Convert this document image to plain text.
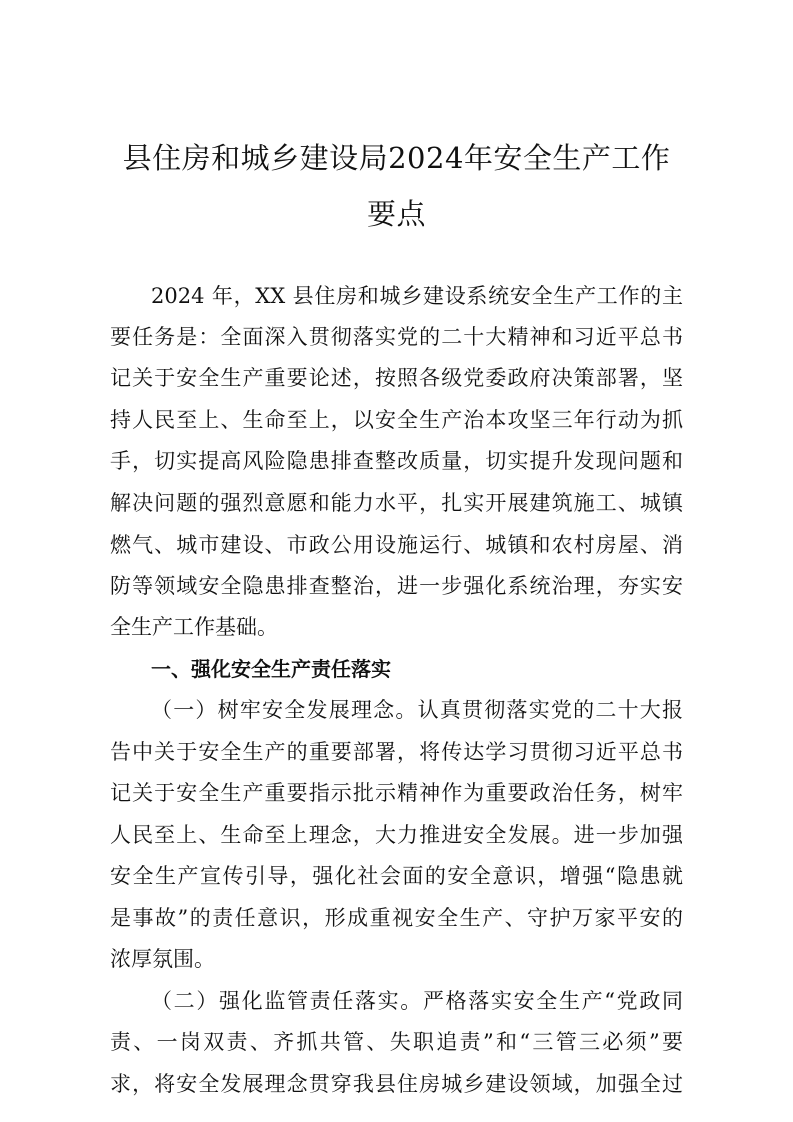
县住房和城乡建设局2024年安全生产工作
要点
2024 年，XX 县住房和城乡建设系统安全生产工作的主
要任务是：全面深入贯彻落实党的二十大精神和习近平总书
记关于安全生产重要论述，按照各级党委政府决策部署，坚
持人民至上、生命至上，以安全生产治本攻坚三年行动为抓
手，切实提高风险隐患排查整改质量，切实提升发现问题和
解决问题的强烈意愿和能力水平，扎实开展建筑施工、城镇
燃气、城市建设、市政公用设施运行、城镇和农村房屋、消
防等领域安全隐患排查整治，进一步强化系统治理，夯实安
全生产工作基础。
一、强化安全生产责任落实
（一）树牢安全发展理念。认真贯彻落实党的二十大报
告中关于安全生产的重要部署，将传达学习贯彻习近平总书
记关于安全生产重要指示批示精神作为重要政治任务，树牢
人民至上、生命至上理念，大力推进安全发展。进一步加强
安全生产宣传引导，强化社会面的安全意识，增强“隐患就
是事故”的责任意识，形成重视安全生产、守护万家平安的
浓厚氛围。
（二）强化监管责任落实。严格落实安全生产“党政同
责、一岗双责、齐抓共管、失职追责”和“三管三必须”要
求，将安全发展理念贯穿我县住房城乡建设领域，加强全过
